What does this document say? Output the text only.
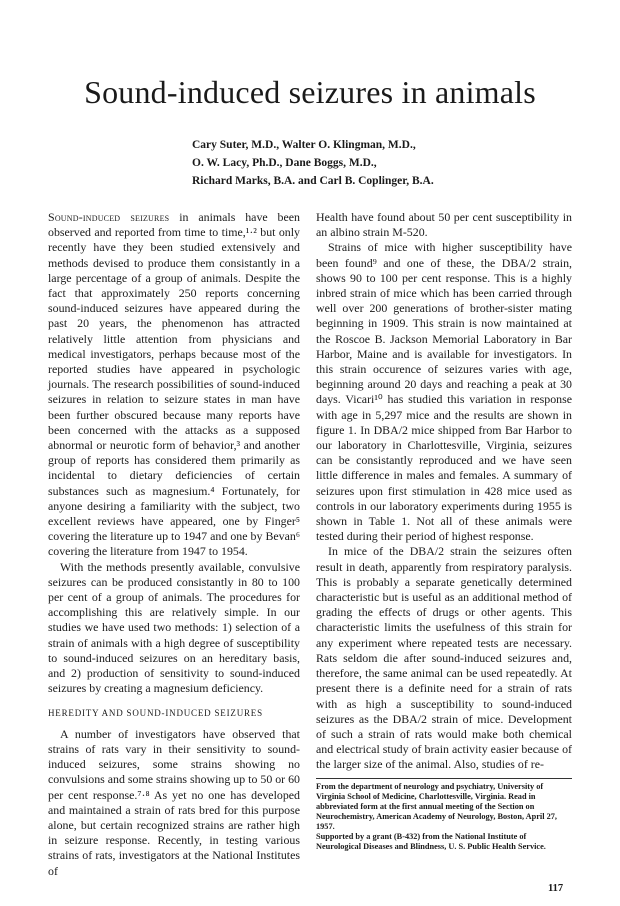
Sound-induced seizures in animals
Cary Suter, M.D., Walter O. Klingman, M.D.,
O. W. Lacy, Ph.D., Dane Boggs, M.D.,
Richard Marks, B.A. and Carl B. Coplinger, B.A.

Sound-induced seizures in animals have been observed and reported from time to time,¹·² but only recently have they been studied extensively and methods devised to produce them consistantly in a large percentage of a group of animals. Despite the fact that approximately 250 reports concerning sound-induced seizures have appeared during the past 20 years, the phenomenon has attracted relatively little attention from physicians and medical investigators, perhaps because most of the reported studies have appeared in psychologic journals. The research possibilities of sound-induced seizures in relation to seizure states in man have been further obscured because many reports have been concerned with the attacks as a supposed abnormal or neurotic form of behavior,³ and another group of reports has considered them primarily as incidental to dietary deficiencies of certain substances such as magnesium.⁴ Fortunately, for anyone desiring a familiarity with the subject, two excellent reviews have appeared, one by Finger⁵ covering the literature up to 1947 and one by Bevan⁶ covering the literature from 1947 to 1954.

With the methods presently available, convulsive seizures can be produced consistantly in 80 to 100 per cent of a group of animals. The procedures for accomplishing this are relatively simple. In our studies we have used two methods: 1) selection of a strain of animals with a high degree of susceptibility to sound-induced seizures on an hereditary basis, and 2) production of sensitivity to sound-induced seizures by creating a magnesium deficiency.

HEREDITY AND SOUND-INDUCED SEIZURES

A number of investigators have observed that strains of rats vary in their sensitivity to sound-induced seizures, some strains showing no convulsions and some strains showing up to 50 or 60 per cent response.⁷·⁸ As yet no one has developed and maintained a strain of rats bred for this purpose alone, but certain recognized strains are rather high in seizure response. Recently, in testing various strains of rats, investigators at the National Institutes of

Health have found about 50 per cent susceptibility in an albino strain M-520.

Strains of mice with higher susceptibility have been found⁹ and one of these, the DBA/2 strain, shows 90 to 100 per cent response. This is a highly inbred strain of mice which has been carried through well over 200 generations of brother-sister mating beginning in 1909. This strain is now maintained at the Roscoe B. Jackson Memorial Laboratory in Bar Harbor, Maine and is available for investigators. In this strain occurence of seizures varies with age, beginning around 20 days and reaching a peak at 30 days. Vicari¹⁰ has studied this variation in response with age in 5,297 mice and the results are shown in figure 1. In DBA/2 mice shipped from Bar Harbor to our laboratory in Charlottesville, Virginia, seizures can be consistantly reproduced and we have seen little difference in males and females. A summary of seizures upon first stimulation in 428 mice used as controls in our laboratory experiments during 1955 is shown in Table 1. Not all of these animals were tested during their period of highest response.

In mice of the DBA/2 strain the seizures often result in death, apparently from respiratory paralysis. This is probably a separate genetically determined characteristic but is useful as an additional method of grading the effects of drugs or other agents. This characteristic limits the usefulness of this strain for any experiment where repeated tests are necessary. Rats seldom die after sound-induced seizures and, therefore, the same animal can be used repeatedly. At present there is a definite need for a strain of rats with as high a susceptibility to sound-induced seizures as the DBA/2 strain of mice. Development of such a strain of rats would make both chemical and electrical study of brain activity easier because of the larger size of the animal. Also, studies of re-

From the department of neurology and psychiatry, University of Virginia School of Medicine, Charlottesville, Virginia. Read in abbreviated form at the first annual meeting of the Section on Neurochemistry, American Academy of Neurology, Boston, April 27, 1957.

Supported by a grant (B-432) from the National Institute of Neurological Diseases and Blindness, U. S. Public Health Service.

117
